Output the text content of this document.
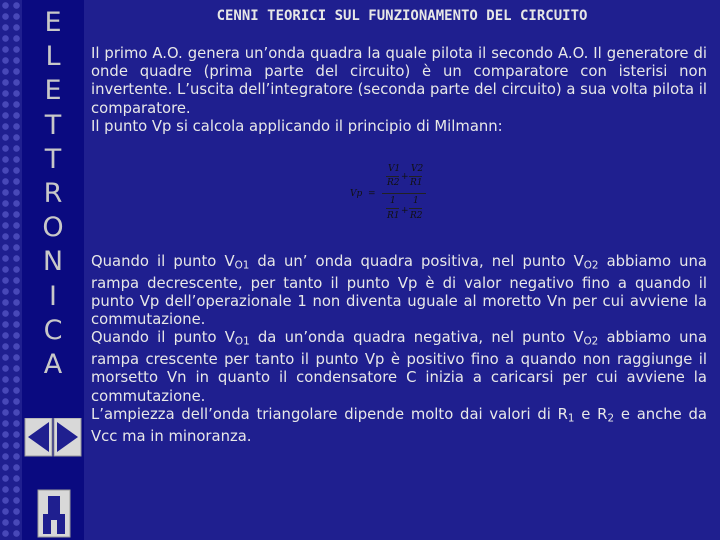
E
L
E
T
T
R
O
N
I
C
A
CENNI TEORICI SUL FUNZIONAMENTO DEL CIRCUITO

Il primo A.O. genera un’onda quadra la quale pilota il secondo A.O. Il generatore di onde quadre (prima parte del circuito) è un comparatore con isterisi non invertente. L’uscita dell’integratore (seconda parte del circuito) a sua volta pilota il comparatore.

Il punto Vp si calcola applicando il principio di Milmann:

Vp =
V1 V2
+
R2 R1
1 1
+
R1 R2

Quando il punto $V_{O1}$ da un’ onda quadra positiva, nel punto $V_{O2}$ abbiamo una rampa decrescente, per tanto il punto Vp è di valor negativo fino a quando il punto Vp dell’operazionale 1 non diventa uguale al moretto Vn per cui avviene la commutazione.

Quando il punto $V_{O1}$ da un’onda quadra negativa, nel punto $V_{O2}$ abbiamo una rampa crescente per tanto il punto Vp è positivo fino a quando non raggiunge il morsetto Vn in quanto il condensatore C inizia a caricarsi per cui avviene la commutazione.

L’ampiezza dell’onda triangolare dipende molto dai valori di $R_1$ e $R_2$ e anche da Vcc ma in minoranza.
